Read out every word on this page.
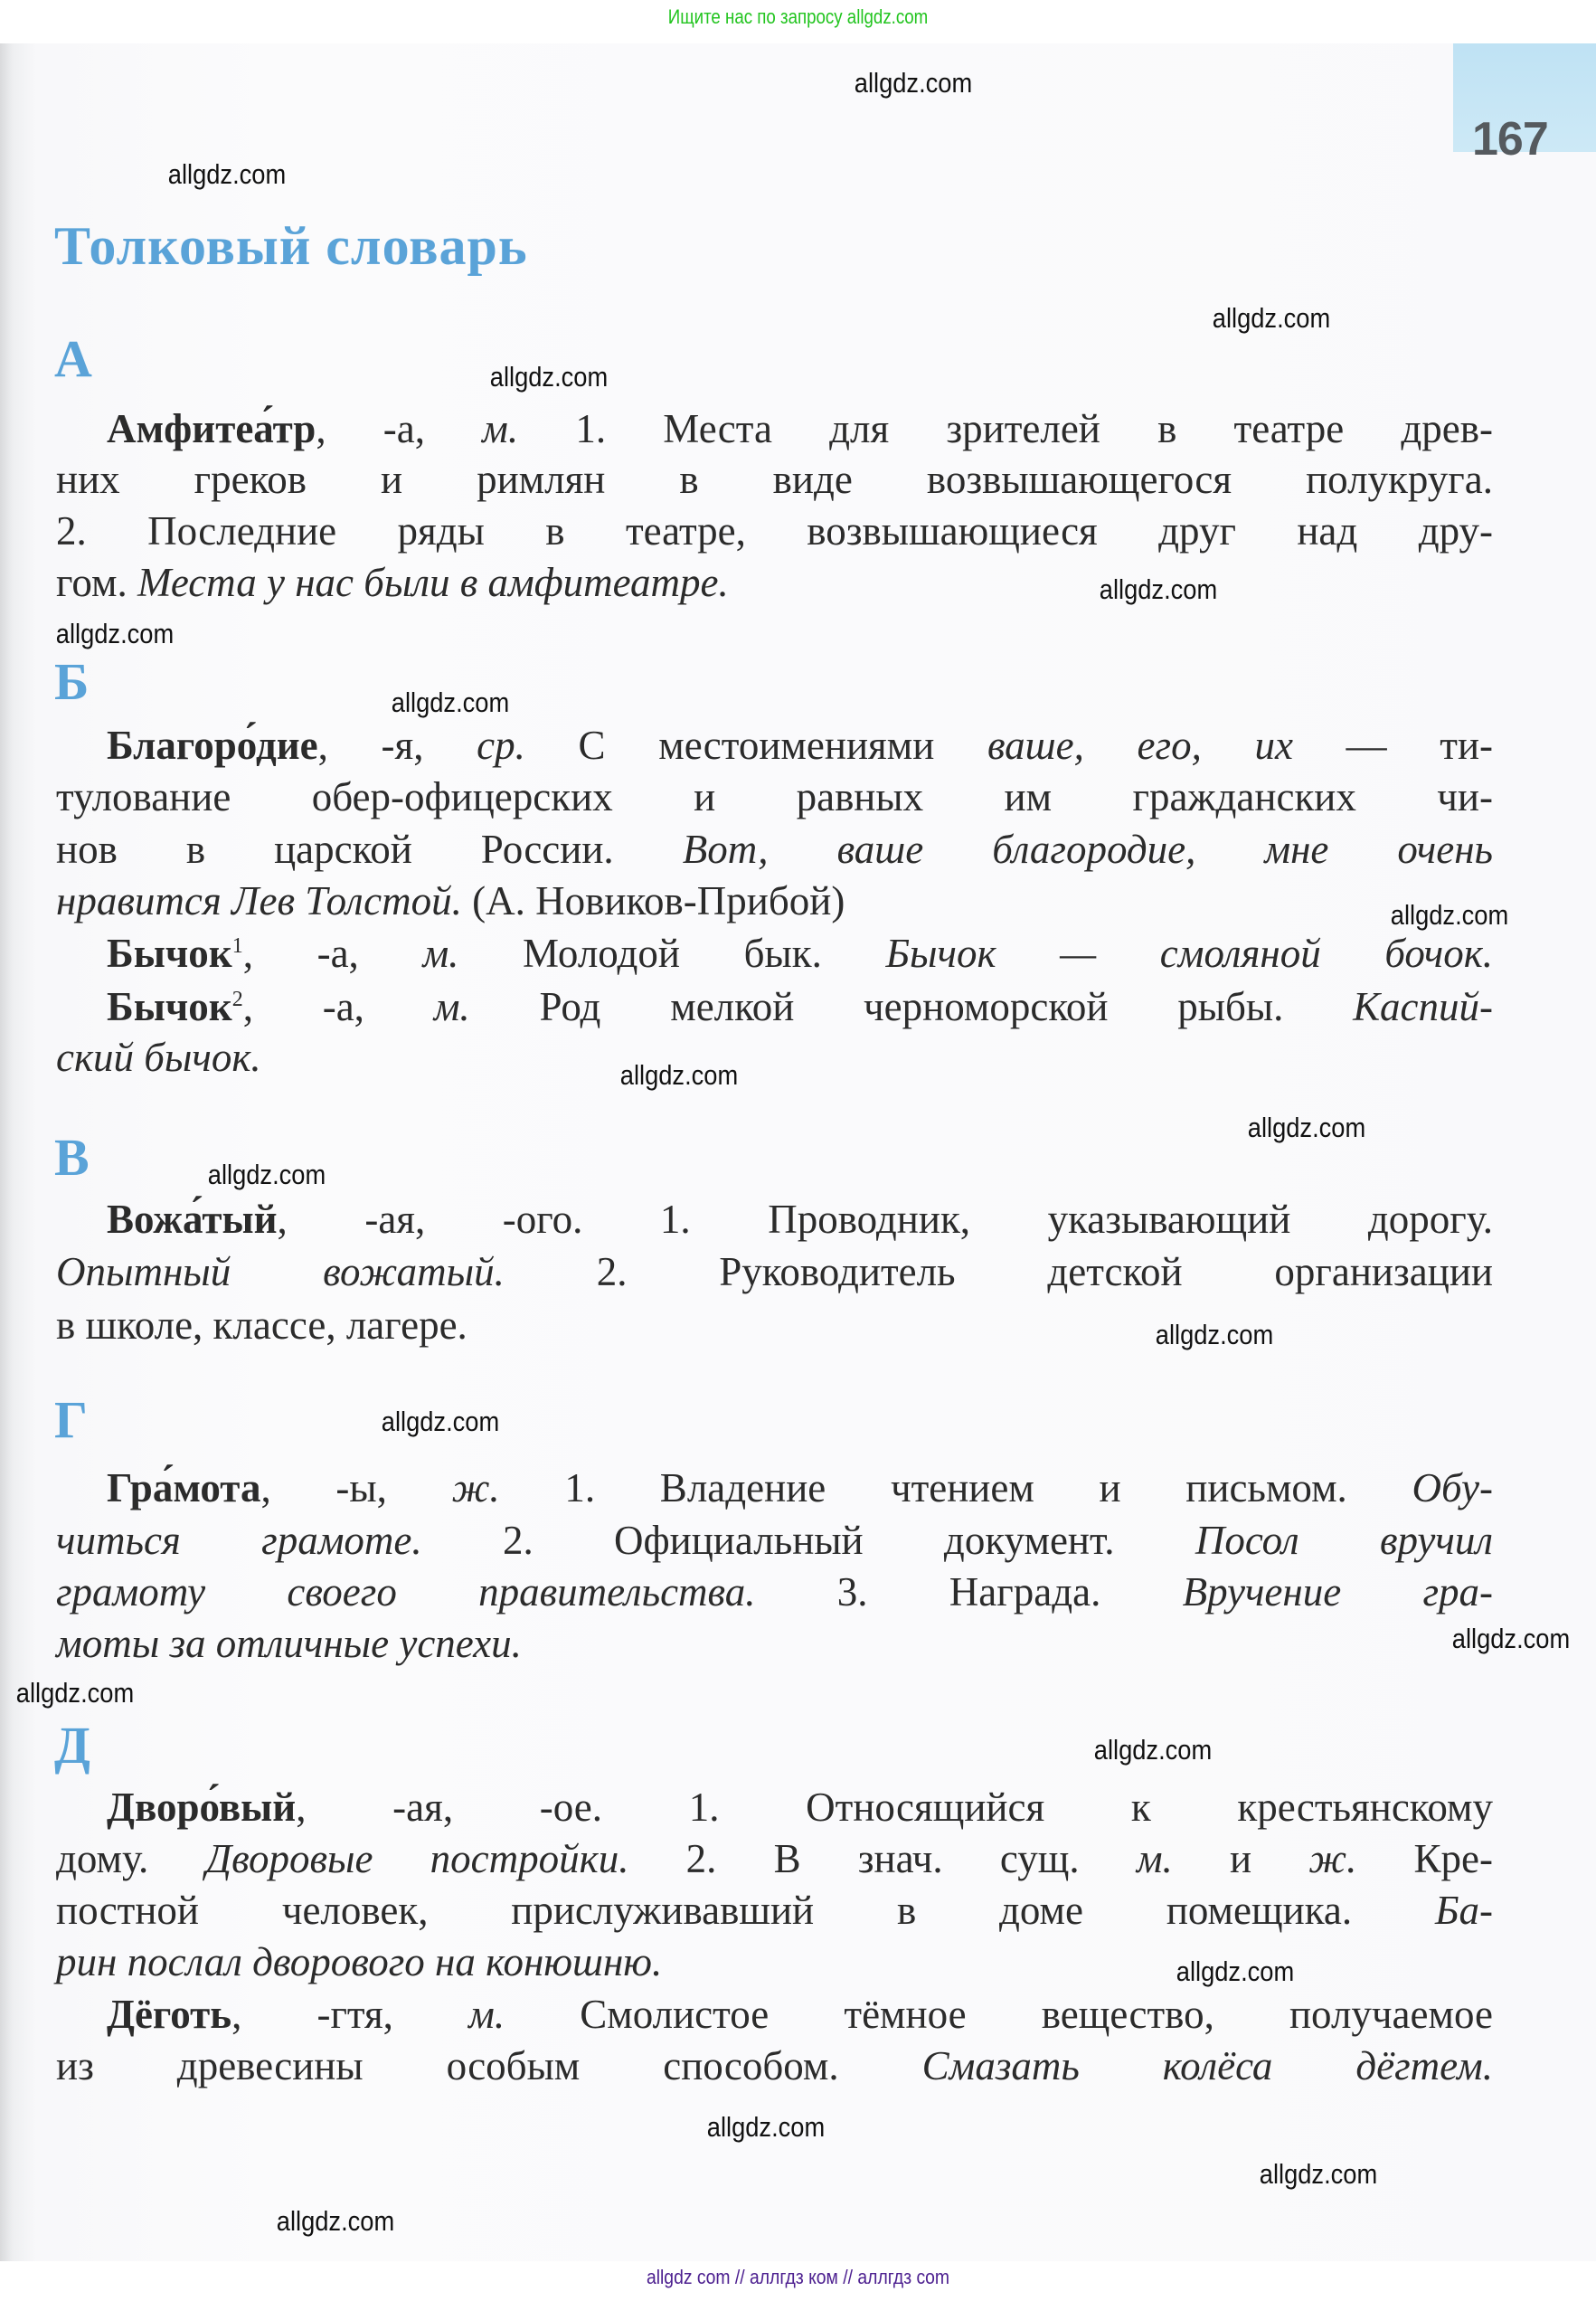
Ищите нас по запросу allgdz.com
167
Толковый словарь
А
Амфитеа́тр, -а, м. 1. Места для зрителей в театре древ-
них греков и римлян в виде возвышающегося полукруга.
2. Последние ряды в театре, возвышающиеся друг над дру-
гом. Места у нас были в амфитеатре.
Б
Благоро́дие, -я, ср. С местоимениями ваше, его, их — ти-
тулование обер-офицерских и равных им гражданских чи-
нов в царской России. Вот, ваше благородие, мне очень
нравится Лев Толстой. (А. Новиков-Прибой)
Бычок$^1$, -а, м. Молодой бык. Бычок — смоляной бочок.
Бычок$^2$, -а, м. Род мелкой черноморской рыбы. Каспий-
ский бычок.
В
Вожа́тый, -ая, -ого. 1. Проводник, указывающий дорогу.
Опытный вожатый. 2. Руководитель детской организации
в школе, классе, лагере.
Г
Гра́мота, -ы, ж. 1. Владение чтением и письмом. Обу-
читься грамоте. 2. Официальный документ. Посол вручил
грамоту своего правительства. 3. Награда. Вручение гра-
моты за отличные успехи.
Д
Дворо́вый, -ая, -ое. 1. Относящийся к крестьянскому
дому. Дворовые постройки. 2. В знач. сущ. м. и ж. Кре-
постной человек, прислуживавший в доме помещика. Ба-
рин послал дворового на конюшню.
Дёготь, -гтя, м. Смолистое тёмное вещество, получаемое
из древесины особым способом. Смазать колёса дёгтем.
allgdz.com
allgdz.com
allgdz.com
allgdz.com
allgdz.com
allgdz.com
allgdz.com
allgdz.com
allgdz.com
allgdz.com
allgdz.com
allgdz.com
allgdz.com
allgdz.com
allgdz.com
allgdz.com
allgdz.com
allgdz.com
allgdz.com
allgdz.com
allgdz com // аллгдз ком // аллгдз com
